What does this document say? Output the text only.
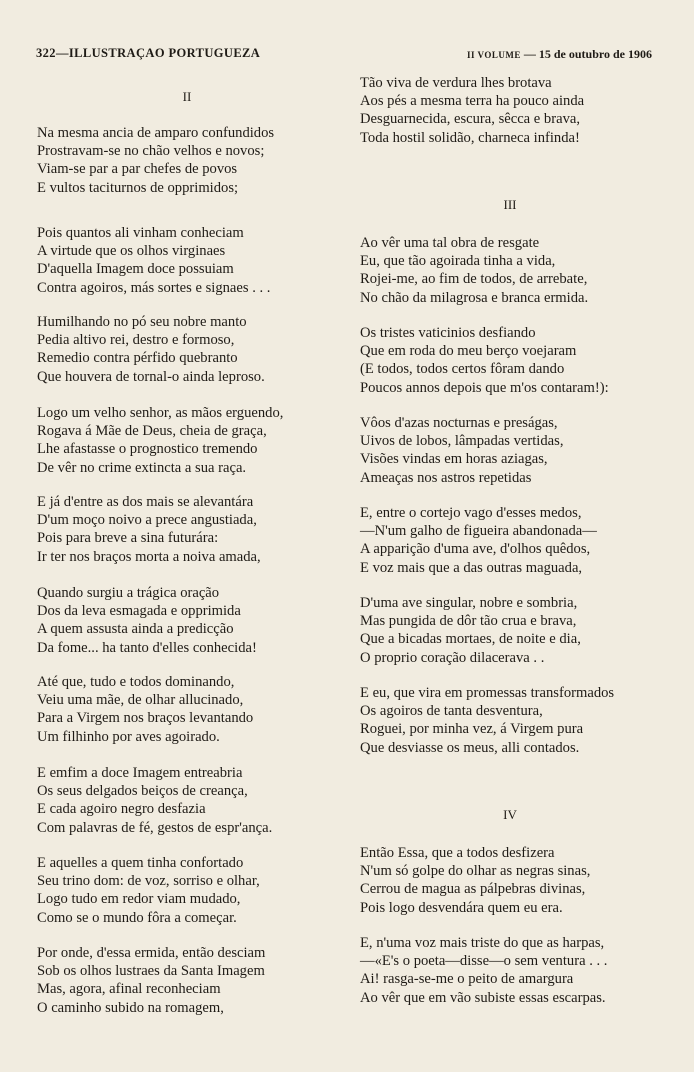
322—ILLUSTRAÇAO PORTUGUEZA	II VOLUME — 15 de outubro de 1906
II
Na mesma ancia de amparo confundidos
Prostravam-se no chão velhos e novos;
Viam-se par a par chefes de povos
E vultos taciturnos de opprimidos;
Pois quantos ali vinham conheciam
A virtude que os olhos virginaes
D'aquella Imagem doce possuiam
Contra agoiros, más sortes e signaes . . .
Humilhando no pó seu nobre manto
Pedia altivo rei, destro e formoso,
Remedio contra pérfido quebranto
Que houvera de tornal-o ainda leproso.
Logo um velho senhor, as mãos erguendo,
Rogava á Mãe de Deus, cheia de graça,
Lhe afastasse o prognostico tremendo
De vêr no crime extincta a sua raça.
E já d'entre as dos mais se alevantára
D'um moço noivo a prece angustiada,
Pois para breve a sina futurára:
Ir ter nos braços morta a noiva amada,
Quando surgiu a trágica oração
Dos da leva esmagada e opprimida
A quem assusta ainda a predicção
Da fome... ha tanto d'elles conhecida!
Até que, tudo e todos dominando,
Veiu uma mãe, de olhar allucinado,
Para a Virgem nos braços levantando
Um filhinho por aves agoirado.
E emfim a doce Imagem entreabria
Os seus delgados beiços de creança,
E cada agoiro negro desfazia
Com palavras de fé, gestos de espr'ança.
E aquelles a quem tinha confortado
Seu trino dom: de voz, sorriso e olhar,
Logo tudo em redor viam mudado,
Como se o mundo fôra a começar.
Por onde, d'essa ermida, então desciam
Sob os olhos lustraes da Santa Imagem
Mas, agora, afinal reconheciam
O caminho subido na romagem,
Tão viva de verdura lhes brotava
Aos pés a mesma terra ha pouco ainda
Desguarnecida, escura, sêcca e brava,
Toda hostil solidão, charneca infinda!
III
Ao vêr uma tal obra de resgate
Eu, que tão agoirada tinha a vida,
Rojei-me, ao fim de todos, de arrebate,
No chão da milagrosa e branca ermida.
Os tristes vaticinios desfiando
Que em roda do meu berço voejaram
(E todos, todos certos fôram dando
Poucos annos depois que m'os contaram!):
Vôos d'azas nocturnas e preságas,
Uivos de lobos, lâmpadas vertidas,
Visões vindas em horas aziagas,
Ameaças nos astros repetidas
E, entre o cortejo vago d'esses medos,
—N'um galho de figueira abandonada—
A apparição d'uma ave, d'olhos quêdos,
E voz mais que a das outras maguada,
D'uma ave singular, nobre e sombria,
Mas pungida de dôr tão crua e brava,
Que a bicadas mortaes, de noite e dia,
O proprio coração dilacerava . .
E eu, que vira em promessas transformados
Os agoiros de tanta desventura,
Roguei, por minha vez, á Virgem pura
Que desviasse os meus, alli contados.
IV
Então Essa, que a todos desfizera
N'um só golpe do olhar as negras sinas,
Cerrou de magua as pálpebras divinas,
Pois logo desvendára quem eu era.
E, n'uma voz mais triste do que as harpas,
—«E's o poeta—disse—o sem ventura . . .
Ai! rasga-se-me o peito de amargura
Ao vêr que em vão subiste essas escarpas.
